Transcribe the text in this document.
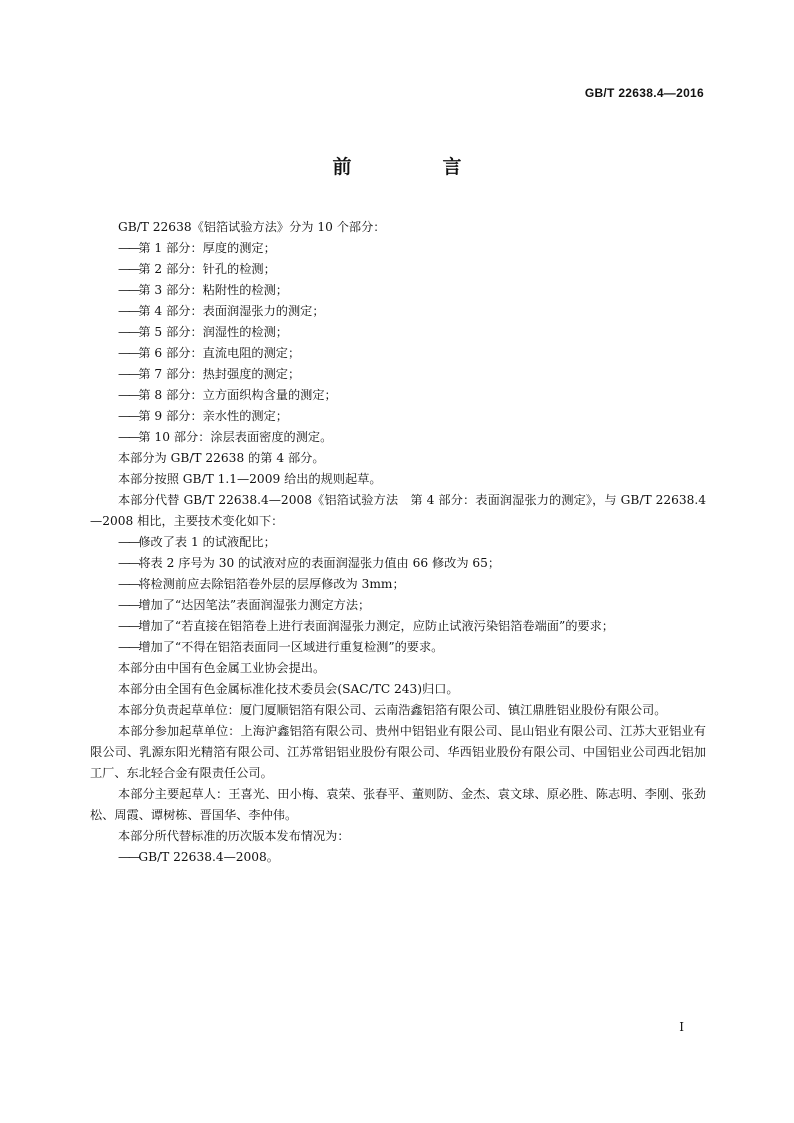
GB/T 22638.4—2016
前　言

GB/T 22638《铝箔试验方法》分为 10 个部分：

——第 1 部分：厚度的测定；

——第 2 部分：针孔的检测；

——第 3 部分：粘附性的检测；

——第 4 部分：表面润湿张力的测定；

——第 5 部分：润湿性的检测；

——第 6 部分：直流电阻的测定；

——第 7 部分：热封强度的测定；

——第 8 部分：立方面织构含量的测定；

——第 9 部分：亲水性的测定；

——第 10 部分：涂层表面密度的测定。

本部分为 GB/T 22638 的第 4 部分。

本部分按照 GB/T 1.1—2009 给出的规则起草。

本部分代替 GB/T 22638.4—2008《铝箔试验方法　第 4 部分：表面润湿张力的测定》，与 GB/T 22638.4—2008 相比，主要技术变化如下：

——修改了表 1 的试液配比；

——将表 2 序号为 30 的试液对应的表面润湿张力值由 66 修改为 65；

——将检测前应去除铝箔卷外层的层厚修改为 3mm；

——增加了“达因笔法”表面润湿张力测定方法；

——增加了“若直接在铝箔卷上进行表面润湿张力测定，应防止试液污染铝箔卷端面”的要求；

——增加了“不得在铝箔表面同一区域进行重复检测”的要求。

本部分由中国有色金属工业协会提出。

本部分由全国有色金属标准化技术委员会(SAC/TC 243)归口。

本部分负责起草单位：厦门厦顺铝箔有限公司、云南浩鑫铝箔有限公司、镇江鼎胜铝业股份有限公司。

本部分参加起草单位：上海沪鑫铝箔有限公司、贵州中铝铝业有限公司、昆山铝业有限公司、江苏大亚铝业有限公司、乳源东阳光精箔有限公司、江苏常铝铝业股份有限公司、华西铝业股份有限公司、中国铝业公司西北铝加工厂、东北轻合金有限责任公司。

本部分主要起草人：王喜光、田小梅、袁荣、张春平、董则防、金杰、袁文球、原必胜、陈志明、李刚、张劲松、周霞、谭树栋、晋国华、李仲伟。

本部分所代替标准的历次版本发布情况为：

——GB/T 22638.4—2008。

I
